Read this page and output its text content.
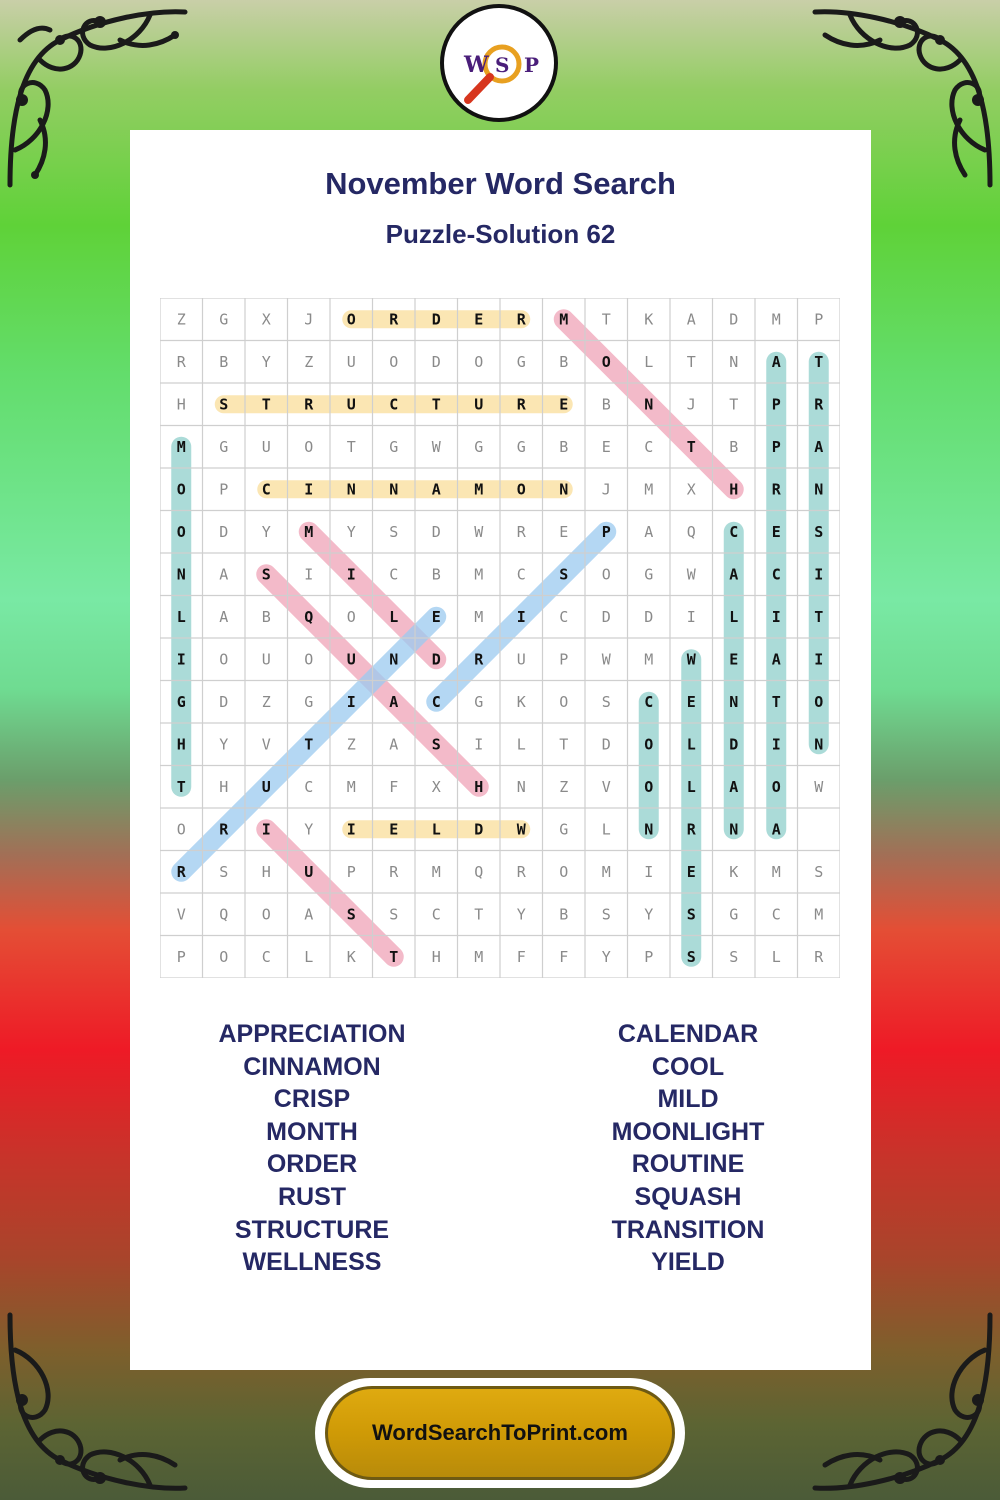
W S P
November Word Search
Puzzle-Solution 62
Z G X J O R D E R M T K A D M P
R B Y Z U O D O G B O L T N A T
H S T R U C T U R E B N J T P R
M G U O T G W G G B E C T B P A
O P C I N N A M O N J M X H R N
O D Y M Y S D W R E P A Q C E S
N A S I I C B M C S O G W A C I
L A B Q O L E M I C D D I L I T
I O U O U N D R U P W M W E A I
G D Z G I A C G K O S C E N T O
H Y V T Z A S I L T D O L D I N
T H U C M F X H N Z V O L A O W
O R I Y I E L D W G L N R N A
R S H U P R M Q R O M I E K M S
V Q O A S S C T Y B S Y S G C M
P O C L K T H M F F Y P S S L R
APPRECIATION
CINNAMON
CRISP
MONTH
ORDER
RUST
STRUCTURE
WELLNESS
CALENDAR
COOL
MILD
MOONLIGHT
ROUTINE
SQUASH
TRANSITION
YIELD
WordSearchToPrint.com
